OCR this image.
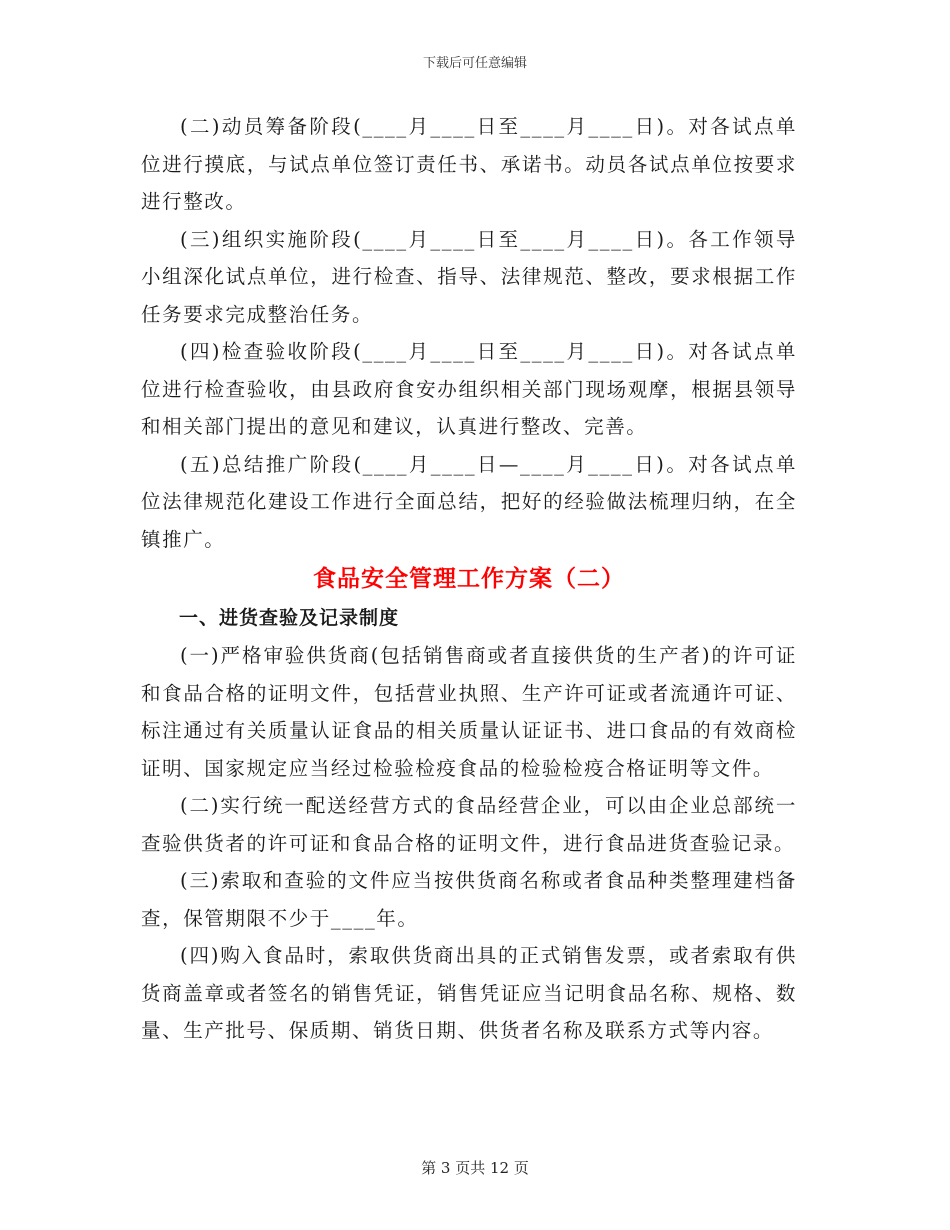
下载后可任意编辑

(二)动员筹备阶段(____月____日至____月____日)。对各试点单位进行摸底，与试点单位签订责任书、承诺书。动员各试点单位按要求进行整改。

(三)组织实施阶段(____月____日至____月____日)。各工作领导小组深化试点单位，进行检查、指导、法律规范、整改，要求根据工作任务要求完成整治任务。

(四)检查验收阶段(____月____日至____月____日)。对各试点单位进行检查验收，由县政府食安办组织相关部门现场观摩，根据县领导和相关部门提出的意见和建议，认真进行整改、完善。

(五)总结推广阶段(____月____日—____月____日)。对各试点单位法律规范化建设工作进行全面总结，把好的经验做法梳理归纳，在全镇推广。

食品安全管理工作方案（二）
一、进货查验及记录制度

(一)严格审验供货商(包括销售商或者直接供货的生产者)的许可证和食品合格的证明文件，包括营业执照、生产许可证或者流通许可证、标注通过有关质量认证食品的相关质量认证证书、进口食品的有效商检证明、国家规定应当经过检验检疫食品的检验检疫合格证明等文件。

(二)实行统一配送经营方式的食品经营企业，可以由企业总部统一查验供货者的许可证和食品合格的证明文件，进行食品进货查验记录。

(三)索取和查验的文件应当按供货商名称或者食品种类整理建档备查，保管期限不少于____年。

(四)购入食品时，索取供货商出具的正式销售发票，或者索取有供货商盖章或者签名的销售凭证，销售凭证应当记明食品名称、规格、数量、生产批号、保质期、销货日期、供货者名称及联系方式等内容。

第 3 页共 12 页
